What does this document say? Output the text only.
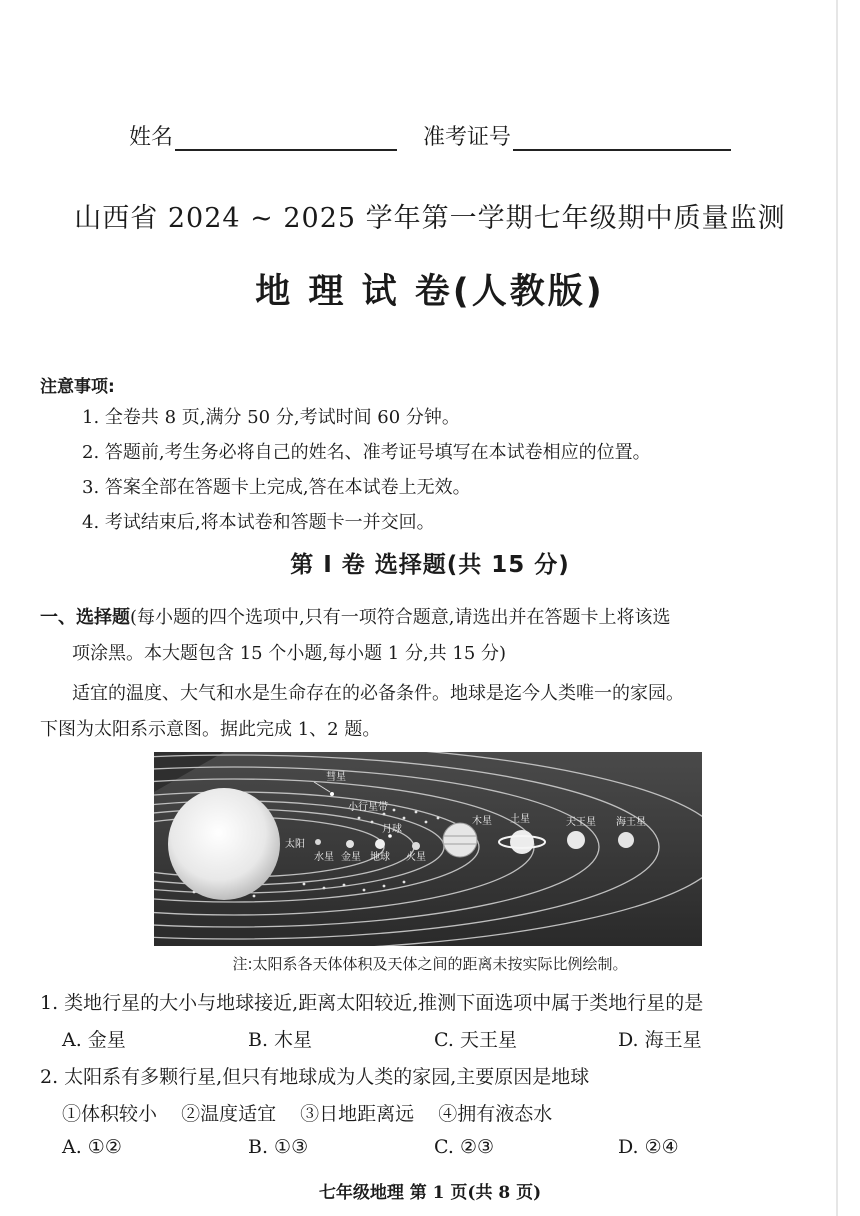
姓名	准考证号
山西省 2024 ~ 2025 学年第一学期七年级期中质量监测
地 理 试 卷(人教版)
注意事项:
1. 全卷共 8 页,满分 50 分,考试时间 60 分钟。
2. 答题前,考生务必将自己的姓名、准考证号填写在本试卷相应的位置。
3. 答案全部在答题卡上完成,答在本试卷上无效。
4. 考试结束后,将本试卷和答题卡一并交回。
第 I 卷 选择题(共 15 分)
一、选择题(每小题的四个选项中,只有一项符合题意,请选出并在答题卡上将该选
项涂黑。本大题包含 15 个小题,每小题 1 分,共 15 分)
适宜的温度、大气和水是生命存在的必备条件。地球是迄今人类唯一的家园。
下图为太阳系示意图。据此完成 1、2 题。
彗星
小行星带
月球
太阳
水星 金星 地球 火星
木星 土星	天王星 海王星
注:太阳系各天体体积及天体之间的距离未按实际比例绘制。
1. 类地行星的大小与地球接近,距离太阳较近,推测下面选项中属于类地行星的是
A. 金星	B. 木星	C. 天王星	D. 海王星
2. 太阳系有多颗行星,但只有地球成为人类的家园,主要原因是地球
①体积较小 ②温度适宜 ③日地距离远 ④拥有液态水
A. ①②	B. ①③	C. ②③	D. ②④
七年级地理 第 1 页(共 8 页)
